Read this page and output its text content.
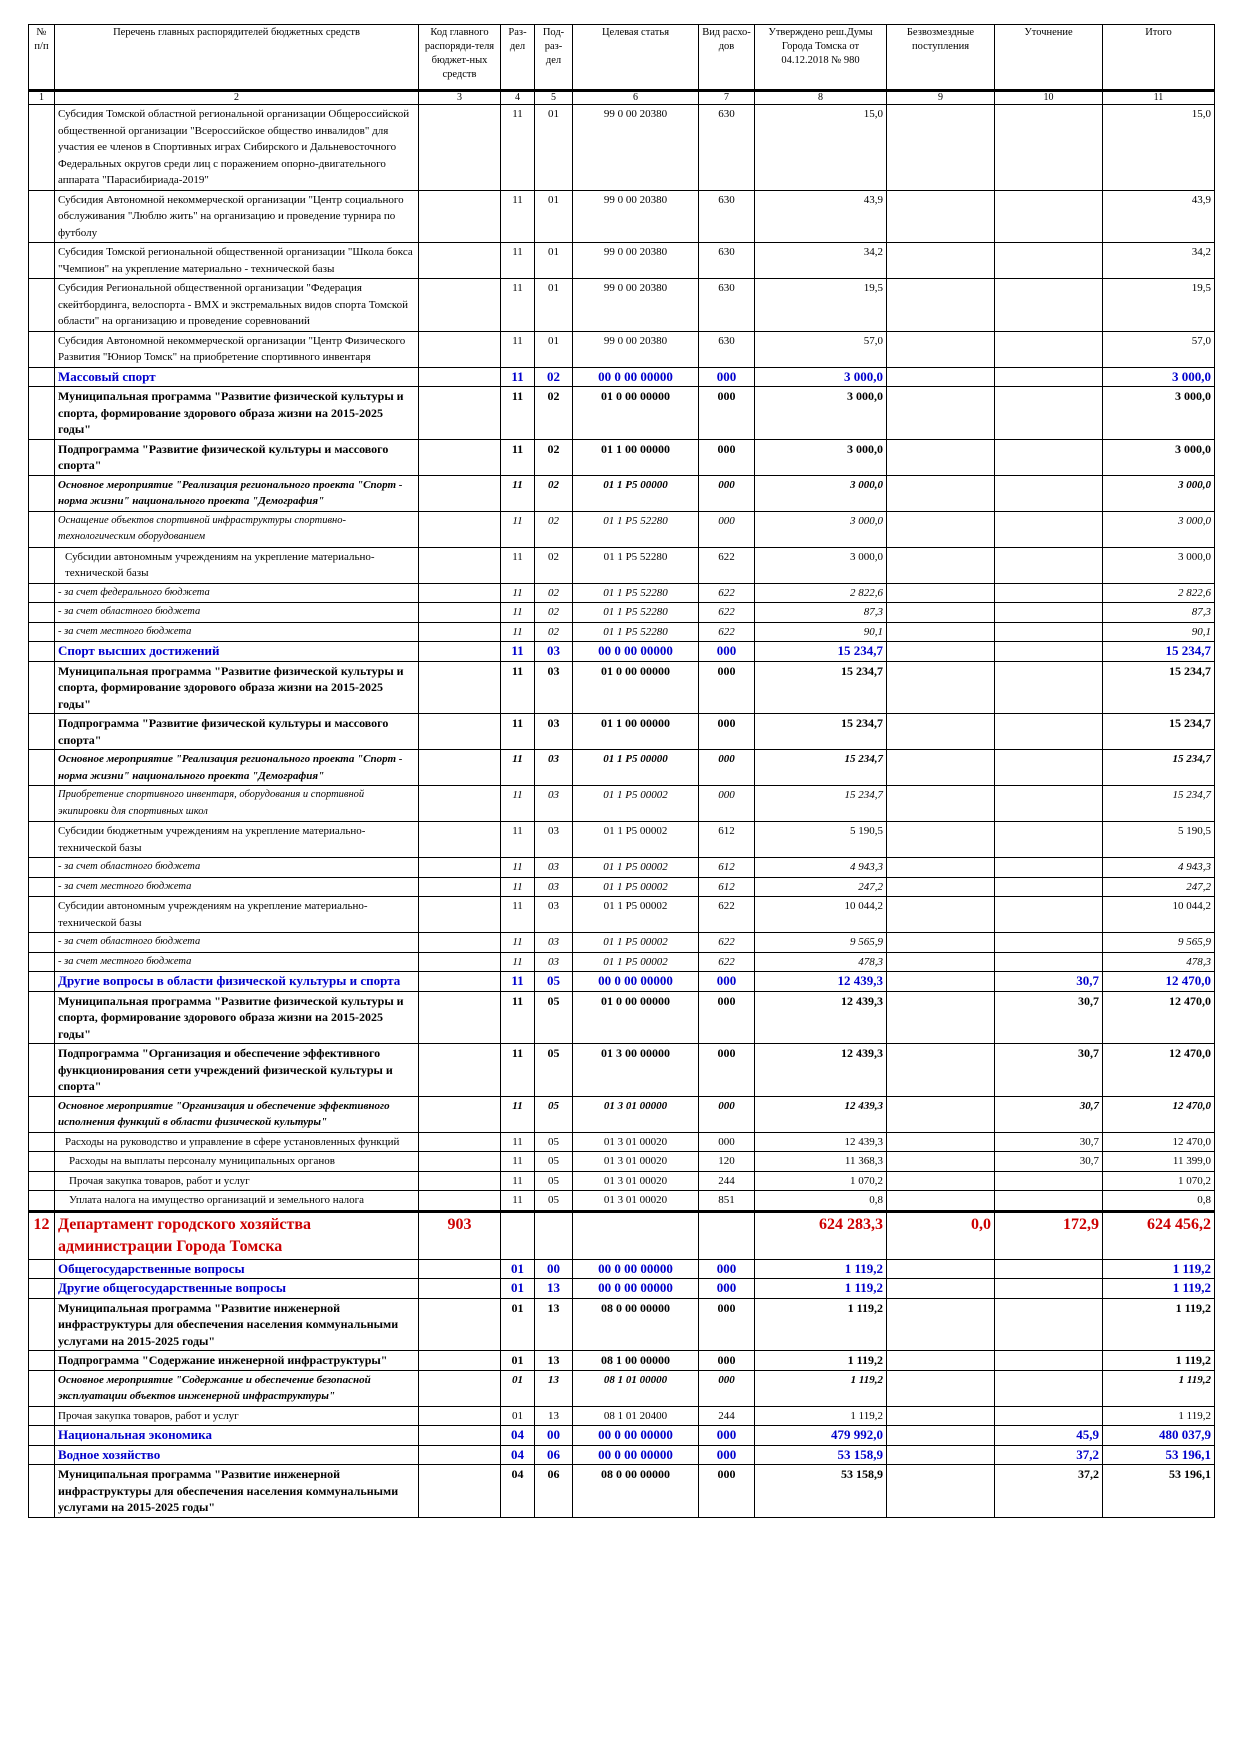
№ п/п	Перечень главных распорядителей бюджетных средств	Код главного распоряди-теля бюджет-ных средств	Раз-дел	Под-раз-дел	Целевая статья	Вид расхо-дов	Утверждено реш.Думы Города Томска от 04.12.2018 № 980	Безвозмездные поступления	Уточнение	Итого
1	2	3	4	5	6	7	8	9	10	11
	Субсидия Томской областной региональной организации Общероссийской общественной организации "Всероссийское общество инвалидов" для участия ее членов в Спортивных играх Сибирского и Дальневосточного Федеральных округов среди лиц с поражением опорно-двигательного аппарата "Парасибириада-2019"		11	01	99 0 00 20380	630	15,0			15,0
	Субсидия Автономной некоммерческой организации "Центр социального обслуживания "Люблю жить" на организацию и проведение турнира по футболу		11	01	99 0 00 20380	630	43,9			43,9
	Субсидия Томской региональной общественной организации "Школа бокса "Чемпион" на укрепление материально - технической базы		11	01	99 0 00 20380	630	34,2			34,2
	Субсидия Региональной общественной организации "Федерация скейтбординга, велоспорта - BMX и экстремальных видов спорта Томской области" на организацию и проведение соревнований		11	01	99 0 00 20380	630	19,5			19,5
	Субсидия Автономной некоммерческой организации "Центр Физического Развития "Юниор Томск" на приобретение спортивного инвентаря		11	01	99 0 00 20380	630	57,0			57,0
	Массовый спорт		11	02	00 0 00 00000	000	3 000,0			3 000,0
	Муниципальная программа "Развитие физической культуры и спорта, формирование здорового образа жизни на 2015-2025 годы"		11	02	01 0 00 00000	000	3 000,0			3 000,0
	Подпрограмма "Развитие физической культуры и массового спорта"		11	02	01 1 00 00000	000	3 000,0			3 000,0
	Основное мероприятие "Реализация регионального проекта "Спорт - норма жизни" национального проекта "Демография"		11	02	01 1 P5 00000	000	3 000,0			3 000,0
	Оснащение объектов спортивной инфраструктуры спортивно-технологическим оборудованием		11	02	01 1 P5 52280	000	3 000,0			3 000,0
	Субсидии автономным учреждениям на укрепление материально-технической базы		11	02	01 1 P5 52280	622	3 000,0			3 000,0
	- за счет федерального бюджета		11	02	01 1 P5 52280	622	2 822,6			2 822,6
	- за счет областного бюджета		11	02	01 1 P5 52280	622	87,3			87,3
	- за счет местного бюджета		11	02	01 1 P5 52280	622	90,1			90,1
	Спорт высших достижений		11	03	00 0 00 00000	000	15 234,7			15 234,7
	Муниципальная программа "Развитие физической культуры и спорта, формирование здорового образа жизни на 2015-2025 годы"		11	03	01 0 00 00000	000	15 234,7			15 234,7
	Подпрограмма "Развитие физической культуры и массового спорта"		11	03	01 1 00 00000	000	15 234,7			15 234,7
	Основное мероприятие "Реализация регионального проекта "Спорт - норма жизни" национального проекта "Демография"		11	03	01 1 P5 00000	000	15 234,7			15 234,7
	Приобретение спортивного инвентаря, оборудования и спортивной экипировки для спортивных школ		11	03	01 1 P5 00002	000	15 234,7			15 234,7
	Субсидии бюджетным учреждениям на укрепление материально-технической базы		11	03	01 1 P5 00002	612	5 190,5			5 190,5
	- за счет областного бюджета		11	03	01 1 P5 00002	612	4 943,3			4 943,3
	- за счет местного бюджета		11	03	01 1 P5 00002	612	247,2			247,2
	Субсидии автономным учреждениям на укрепление материально-технической базы		11	03	01 1 P5 00002	622	10 044,2			10 044,2
	- за счет областного бюджета		11	03	01 1 P5 00002	622	9 565,9			9 565,9
	- за счет местного бюджета		11	03	01 1 P5 00002	622	478,3			478,3
	Другие вопросы в области физической культуры и спорта		11	05	00 0 00 00000	000	12 439,3		30,7	12 470,0
	Муниципальная программа "Развитие физической культуры и спорта, формирование здорового образа жизни на 2015-2025 годы"		11	05	01 0 00 00000	000	12 439,3		30,7	12 470,0
	Подпрограмма "Организация и обеспечение эффективного функционирования сети учреждений физической культуры и спорта"		11	05	01 3 00 00000	000	12 439,3		30,7	12 470,0
	Основное мероприятие "Организация и обеспечение эффективного исполнения функций в области физической культуры"		11	05	01 3 01 00000	000	12 439,3		30,7	12 470,0
	Расходы на руководство и управление в сфере установленных функций		11	05	01 3 01 00020	000	12 439,3		30,7	12 470,0
	Расходы на выплаты персоналу муниципальных органов		11	05	01 3 01 00020	120	11 368,3		30,7	11 399,0
	Прочая закупка товаров, работ и услуг		11	05	01 3 01 00020	244	1 070,2			1 070,2
	Уплата налога на имущество организаций и земельного налога		11	05	01 3 01 00020	851	0,8			0,8
12	Департамент городского хозяйства администрации Города Томска	903					624 283,3	0,0	172,9	624 456,2
	Общегосударственные вопросы		01	00	00 0 00 00000	000	1 119,2			1 119,2
	Другие общегосударственные вопросы		01	13	00 0 00 00000	000	1 119,2			1 119,2
	Муниципальная программа "Развитие инженерной инфраструктуры для обеспечения населения коммунальными услугами на 2015-2025 годы"		01	13	08 0 00 00000	000	1 119,2			1 119,2
	Подпрограмма "Содержание инженерной инфраструктуры"		01	13	08 1 00 00000	000	1 119,2			1 119,2
	Основное мероприятие "Содержание и обеспечение безопасной эксплуатации объектов инженерной инфраструктуры"		01	13	08 1 01 00000	000	1 119,2			1 119,2
	Прочая закупка товаров, работ и услуг		01	13	08 1 01 20400	244	1 119,2			1 119,2
	Национальная экономика		04	00	00 0 00 00000	000	479 992,0		45,9	480 037,9
	Водное хозяйство		04	06	00 0 00 00000	000	53 158,9		37,2	53 196,1
	Муниципальная программа "Развитие инженерной инфраструктуры для обеспечения населения коммунальными услугами на 2015-2025 годы"		04	06	08 0 00 00000	000	53 158,9		37,2	53 196,1
